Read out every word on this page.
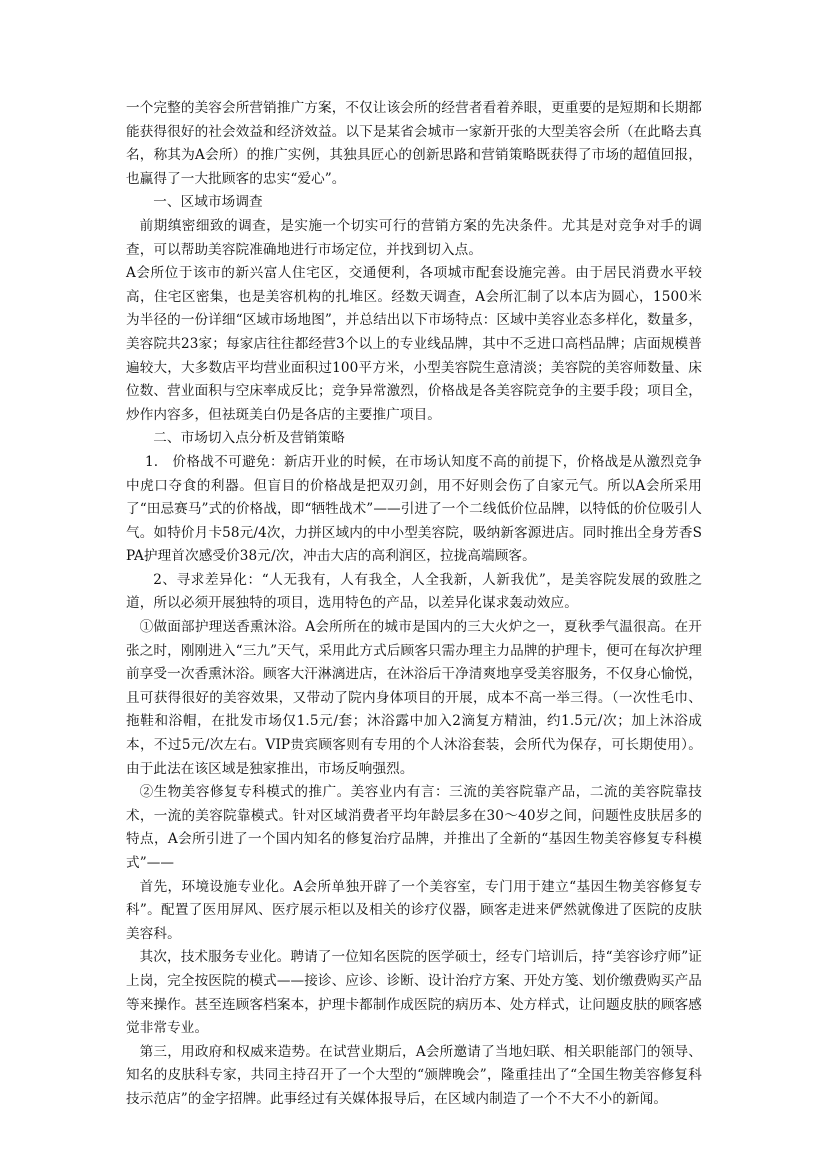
一个完整的美容会所营销推广方案，不仅让该会所的经营者看着养眼，更重要的是短期和长期都能获得很好的社会效益和经济效益。以下是某省会城市一家新开张的大型美容会所（在此略去真名，称其为A会所）的推广实例，其独具匠心的创新思路和营销策略既获得了市场的超值回报，也赢得了一大批顾客的忠实“爱心”。

一、区域市场调查

前期缜密细致的调查，是实施一个切实可行的营销方案的先决条件。尤其是对竞争对手的调查，可以帮助美容院准确地进行市场定位，并找到切入点。

A会所位于该市的新兴富人住宅区，交通便利，各项城市配套设施完善。由于居民消费水平较高，住宅区密集，也是美容机构的扎堆区。经数天调查，A会所汇制了以本店为圆心，1500米为半径的一份详细“区域市场地图”，并总结出以下市场特点：区域中美容业态多样化，数量多，美容院共23家；每家店往往都经营3个以上的专业线品牌，其中不乏进口高档品牌；店面规模普遍较大，大多数店平均营业面积过100平方米，小型美容院生意清淡；美容院的美容师数量、床位数、营业面积与空床率成反比；竞争异常激烈，价格战是各美容院竞争的主要手段；项目全，炒作内容多，但祛斑美白仍是各店的主要推广项目。

二、市场切入点分析及营销策略

1.　价格战不可避免：新店开业的时候，在市场认知度不高的前提下，价格战是从激烈竞争中虎口夺食的利器。但盲目的价格战是把双刃剑，用不好则会伤了自家元气。所以A会所采用了“田忌赛马”式的价格战，即“牺牲战术”——引进了一个二线低价位品牌，以特低的价位吸引人气。如特价月卡58元/4次，力拼区域内的中小型美容院，吸纳新客源进店。同时推出全身芳香SPA护理首次感受价38元/次，冲击大店的高利润区，拉拢高端顾客。

2、寻求差异化：“人无我有，人有我全，人全我新，人新我优”，是美容院发展的致胜之道，所以必须开展独特的项目，选用特色的产品，以差异化谋求轰动效应。

①做面部护理送香熏沐浴。A会所所在的城市是国内的三大火炉之一，夏秋季气温很高。在开张之时，刚刚进入“三九”天气，采用此方式后顾客只需办理主力品牌的护理卡，便可在每次护理前享受一次香熏沐浴。顾客大汗淋漓进店，在沐浴后干净清爽地享受美容服务，不仅身心愉悦，且可获得很好的美容效果，又带动了院内身体项目的开展，成本不高一举三得。（一次性毛巾、拖鞋和浴帽，在批发市场仅1.5元/套；沐浴露中加入2滴复方精油，约1.5元/次；加上沐浴成本，不过5元/次左右。VIP贵宾顾客则有专用的个人沐浴套装，会所代为保存，可长期使用）。由于此法在该区域是独家推出，市场反响强烈。

②生物美容修复专科模式的推广。美容业内有言：三流的美容院靠产品，二流的美容院靠技术，一流的美容院靠模式。针对区域消费者平均年龄层多在30～40岁之间，问题性皮肤居多的特点，A会所引进了一个国内知名的修复治疗品牌，并推出了全新的“基因生物美容修复专科模式”——

首先，环境设施专业化。A会所单独开辟了一个美容室，专门用于建立“基因生物美容修复专科”。配置了医用屏风、医疗展示柜以及相关的诊疗仪器，顾客走进来俨然就像进了医院的皮肤美容科。

其次，技术服务专业化。聘请了一位知名医院的医学硕士，经专门培训后，持“美容诊疗师”证上岗，完全按医院的模式——接诊、应诊、诊断、设计治疗方案、开处方笺、划价缴费购买产品等来操作。甚至连顾客档案本，护理卡都制作成医院的病历本、处方样式，让问题皮肤的顾客感觉非常专业。

第三，用政府和权威来造势。在试营业期后，A会所邀请了当地妇联、相关职能部门的领导、知名的皮肤科专家，共同主持召开了一个大型的“颁牌晚会”，隆重挂出了“全国生物美容修复科技示范店”的金字招牌。此事经过有关媒体报导后，在区域内制造了一个不大不小的新闻。
